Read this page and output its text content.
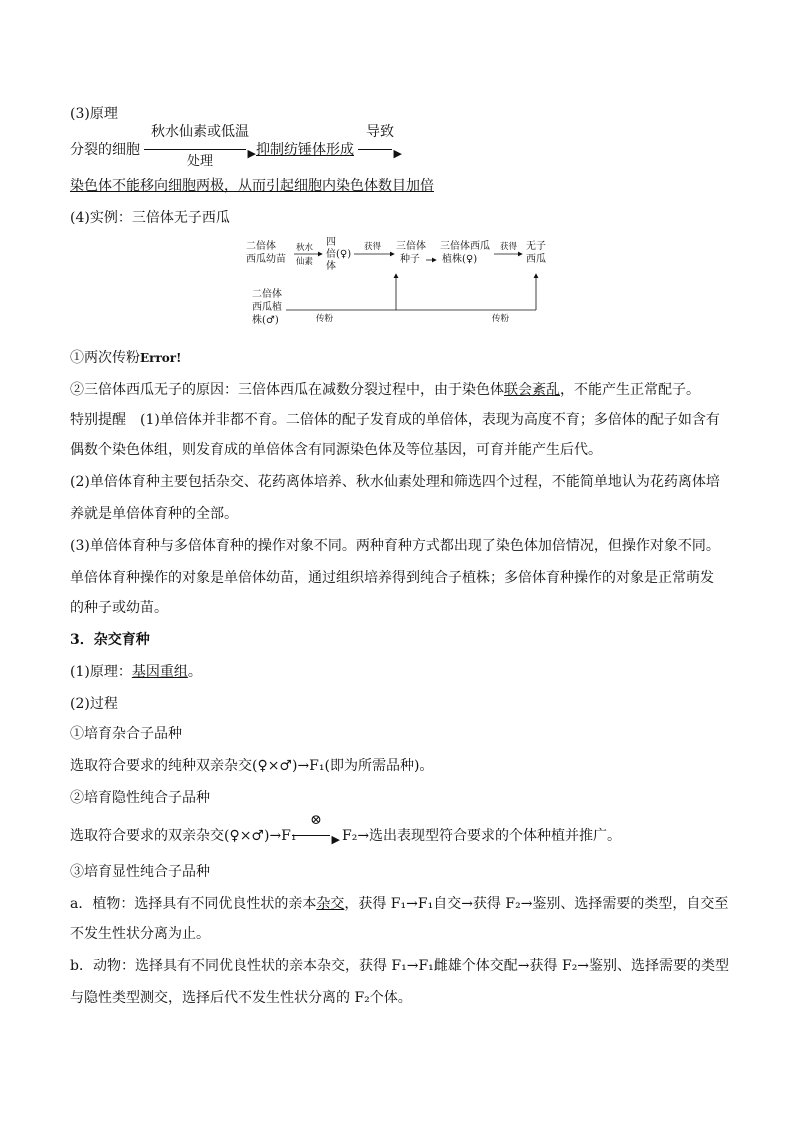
(3)原理
分裂的细胞
秋水仙素或低温
▶
处理
抑制纺锤体形成
导致
▶
染色体不能移向细胞两极，从而引起细胞内染色体数目加倍
(4)实例：三倍体无子西瓜
二倍体
西瓜幼苗
秋水
仙素
四
倍(♀)
体
获得 三倍体
种子
三倍体西瓜
植株(♀)
获得 无子
西瓜
二倍体
西瓜植
株(♂)	传粉	传粉
①两次传粉Error!
②三倍体西瓜无子的原因：三倍体西瓜在减数分裂过程中，由于染色体联会紊乱，不能产生正常配子。
特别提醒　(1)单倍体并非都不育。二倍体的配子发育成的单倍体，表现为高度不育；多倍体的配子如含有
偶数个染色体组，则发育成的单倍体含有同源染色体及等位基因，可育并能产生后代。
(2)单倍体育种主要包括杂交、花药离体培养、秋水仙素处理和筛选四个过程，不能简单地认为花药离体培
养就是单倍体育种的全部。
(3)单倍体育种与多倍体育种的操作对象不同。两种育种方式都出现了染色体加倍情况，但操作对象不同。
单倍体育种操作的对象是单倍体幼苗，通过组织培养得到纯合子植株；多倍体育种操作的对象是正常萌发
的种子或幼苗。
3．杂交育种
(1)原理：基因重组。
(2)过程
①培育杂合子品种
选取符合要求的纯种双亲杂交(♀×♂)→F₁(即为所需品种)。
②培育隐性纯合子品种
选取符合要求的双亲杂交(♀×♂)→F₁
⊗
▶ F₂→选出表现型符合要求的个体种植并推广。
③培育显性纯合子品种
a．植物：选择具有不同优良性状的亲本杂交，获得 F₁→F₁自交→获得 F₂→鉴别、选择需要的类型，自交至
不发生性状分离为止。
b．动物：选择具有不同优良性状的亲本杂交，获得 F₁→F₁雌雄个体交配→获得 F₂→鉴别、选择需要的类型
与隐性类型测交，选择后代不发生性状分离的 F₂个体。
